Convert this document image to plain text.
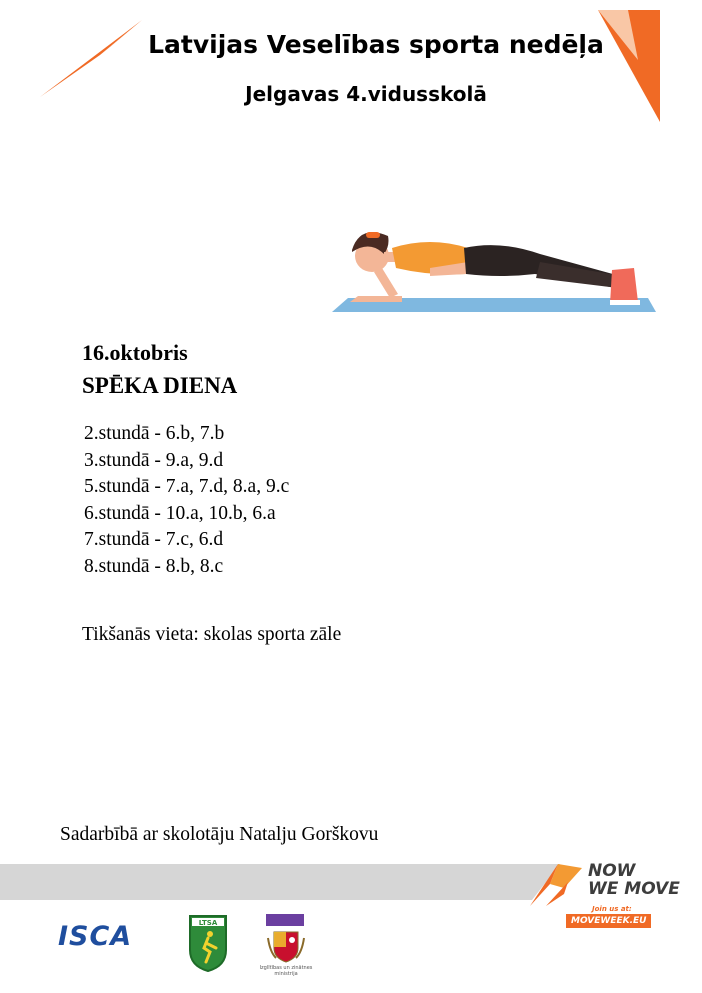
Latvijas Veselības sporta nedēļa
Jelgavas 4.vidusskolā
16.oktobris
SPĒKA DIENA
2.stundā - 6.b, 7.b
3.stundā - 9.a, 9.d
5.stundā - 7.a, 7.d, 8.a, 9.c
6.stundā - 10.a, 10.b, 6.a
7.stundā - 7.c, 6.d
8.stundā - 8.b, 8.c
Tikšanās vieta: skolas sporta zāle
Sadarbībā ar skolotāju Natalju Gorškovu
NOW
WE MOVE
Join us at:
MOVEWEEK.EU
ISCA	LTSA
Izglītības un zinātnes ministrija
